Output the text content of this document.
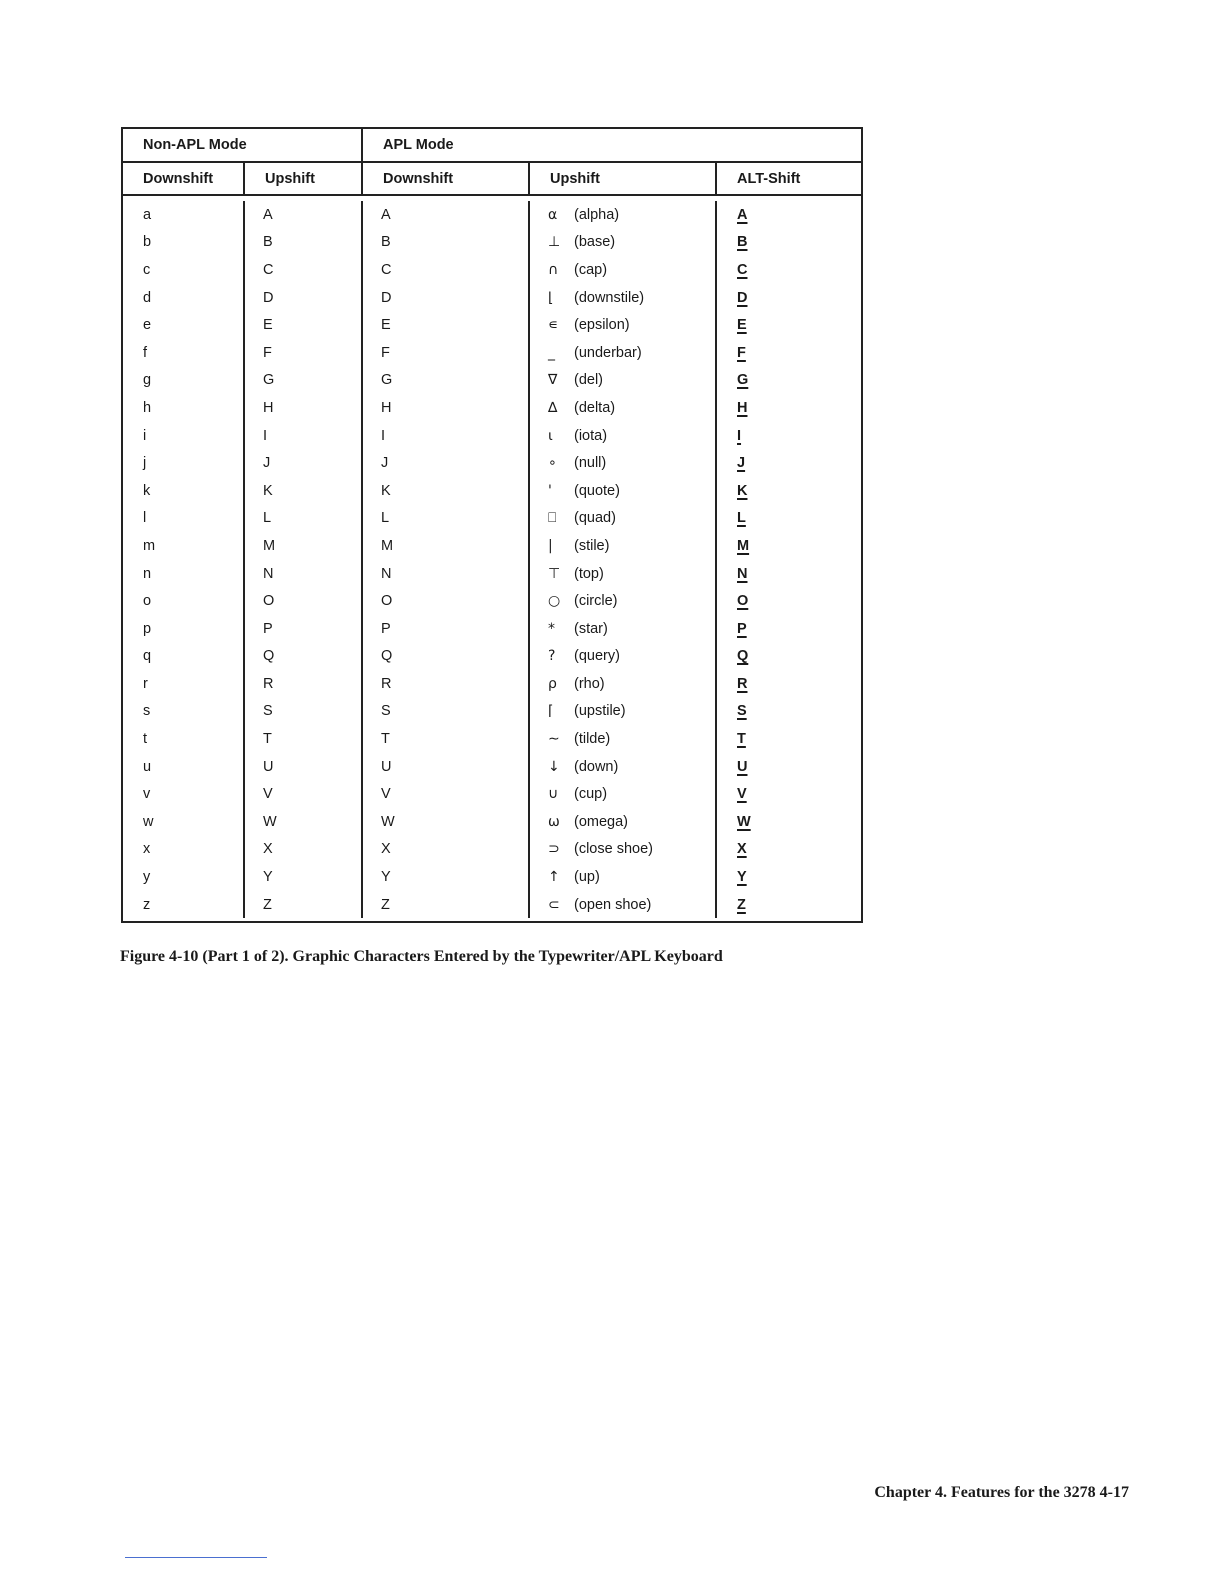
Non-APL Mode	APL Mode
Downshift	Upshift	Downshift	Upshift	ALT-Shift
a	A	A	⍺	(alpha)	A
b	B	B	⊥ (base)	B
c	C	C	∩	(cap)	C
d	D	D	⌊	(downstile)	D
e	E	E	∊	(epsilon)	E
f	F	F	_	(underbar)	F
g	G	G	∇	(del)	G
h	H	H	∆	(delta)	H
i	I	I	⍳	(iota)	I
j	J	J	∘	(null)	J
k	K	K	'	(quote)	K
l	L	L	⎕	(quad)	L
m	M	M	|	(stile)	M
n	N	N	⊤ (top)	N
o	O	O	○ (circle)	O
p	P	P	*	(star)	P
q	Q	Q	?	(query)	Q
r	R	R	⍴	(rho)	R
s	S	S	⌈	(upstile)	S
t	T	T	∼ (tilde)	T
u	U	U	↓ (down)	U
v	V	V	∪	(cup)	V
w	W	W	⍵ (omega)	W
x	X	X	⊃ (close shoe)	X
y	Y	Y	↑ (up)	Y
z	Z	Z	⊂ (open shoe)	Z
Figure 4-10 (Part 1 of 2). Graphic Characters Entered by the Typewriter/APL Keyboard
Chapter 4. Features for the 3278 4-17
